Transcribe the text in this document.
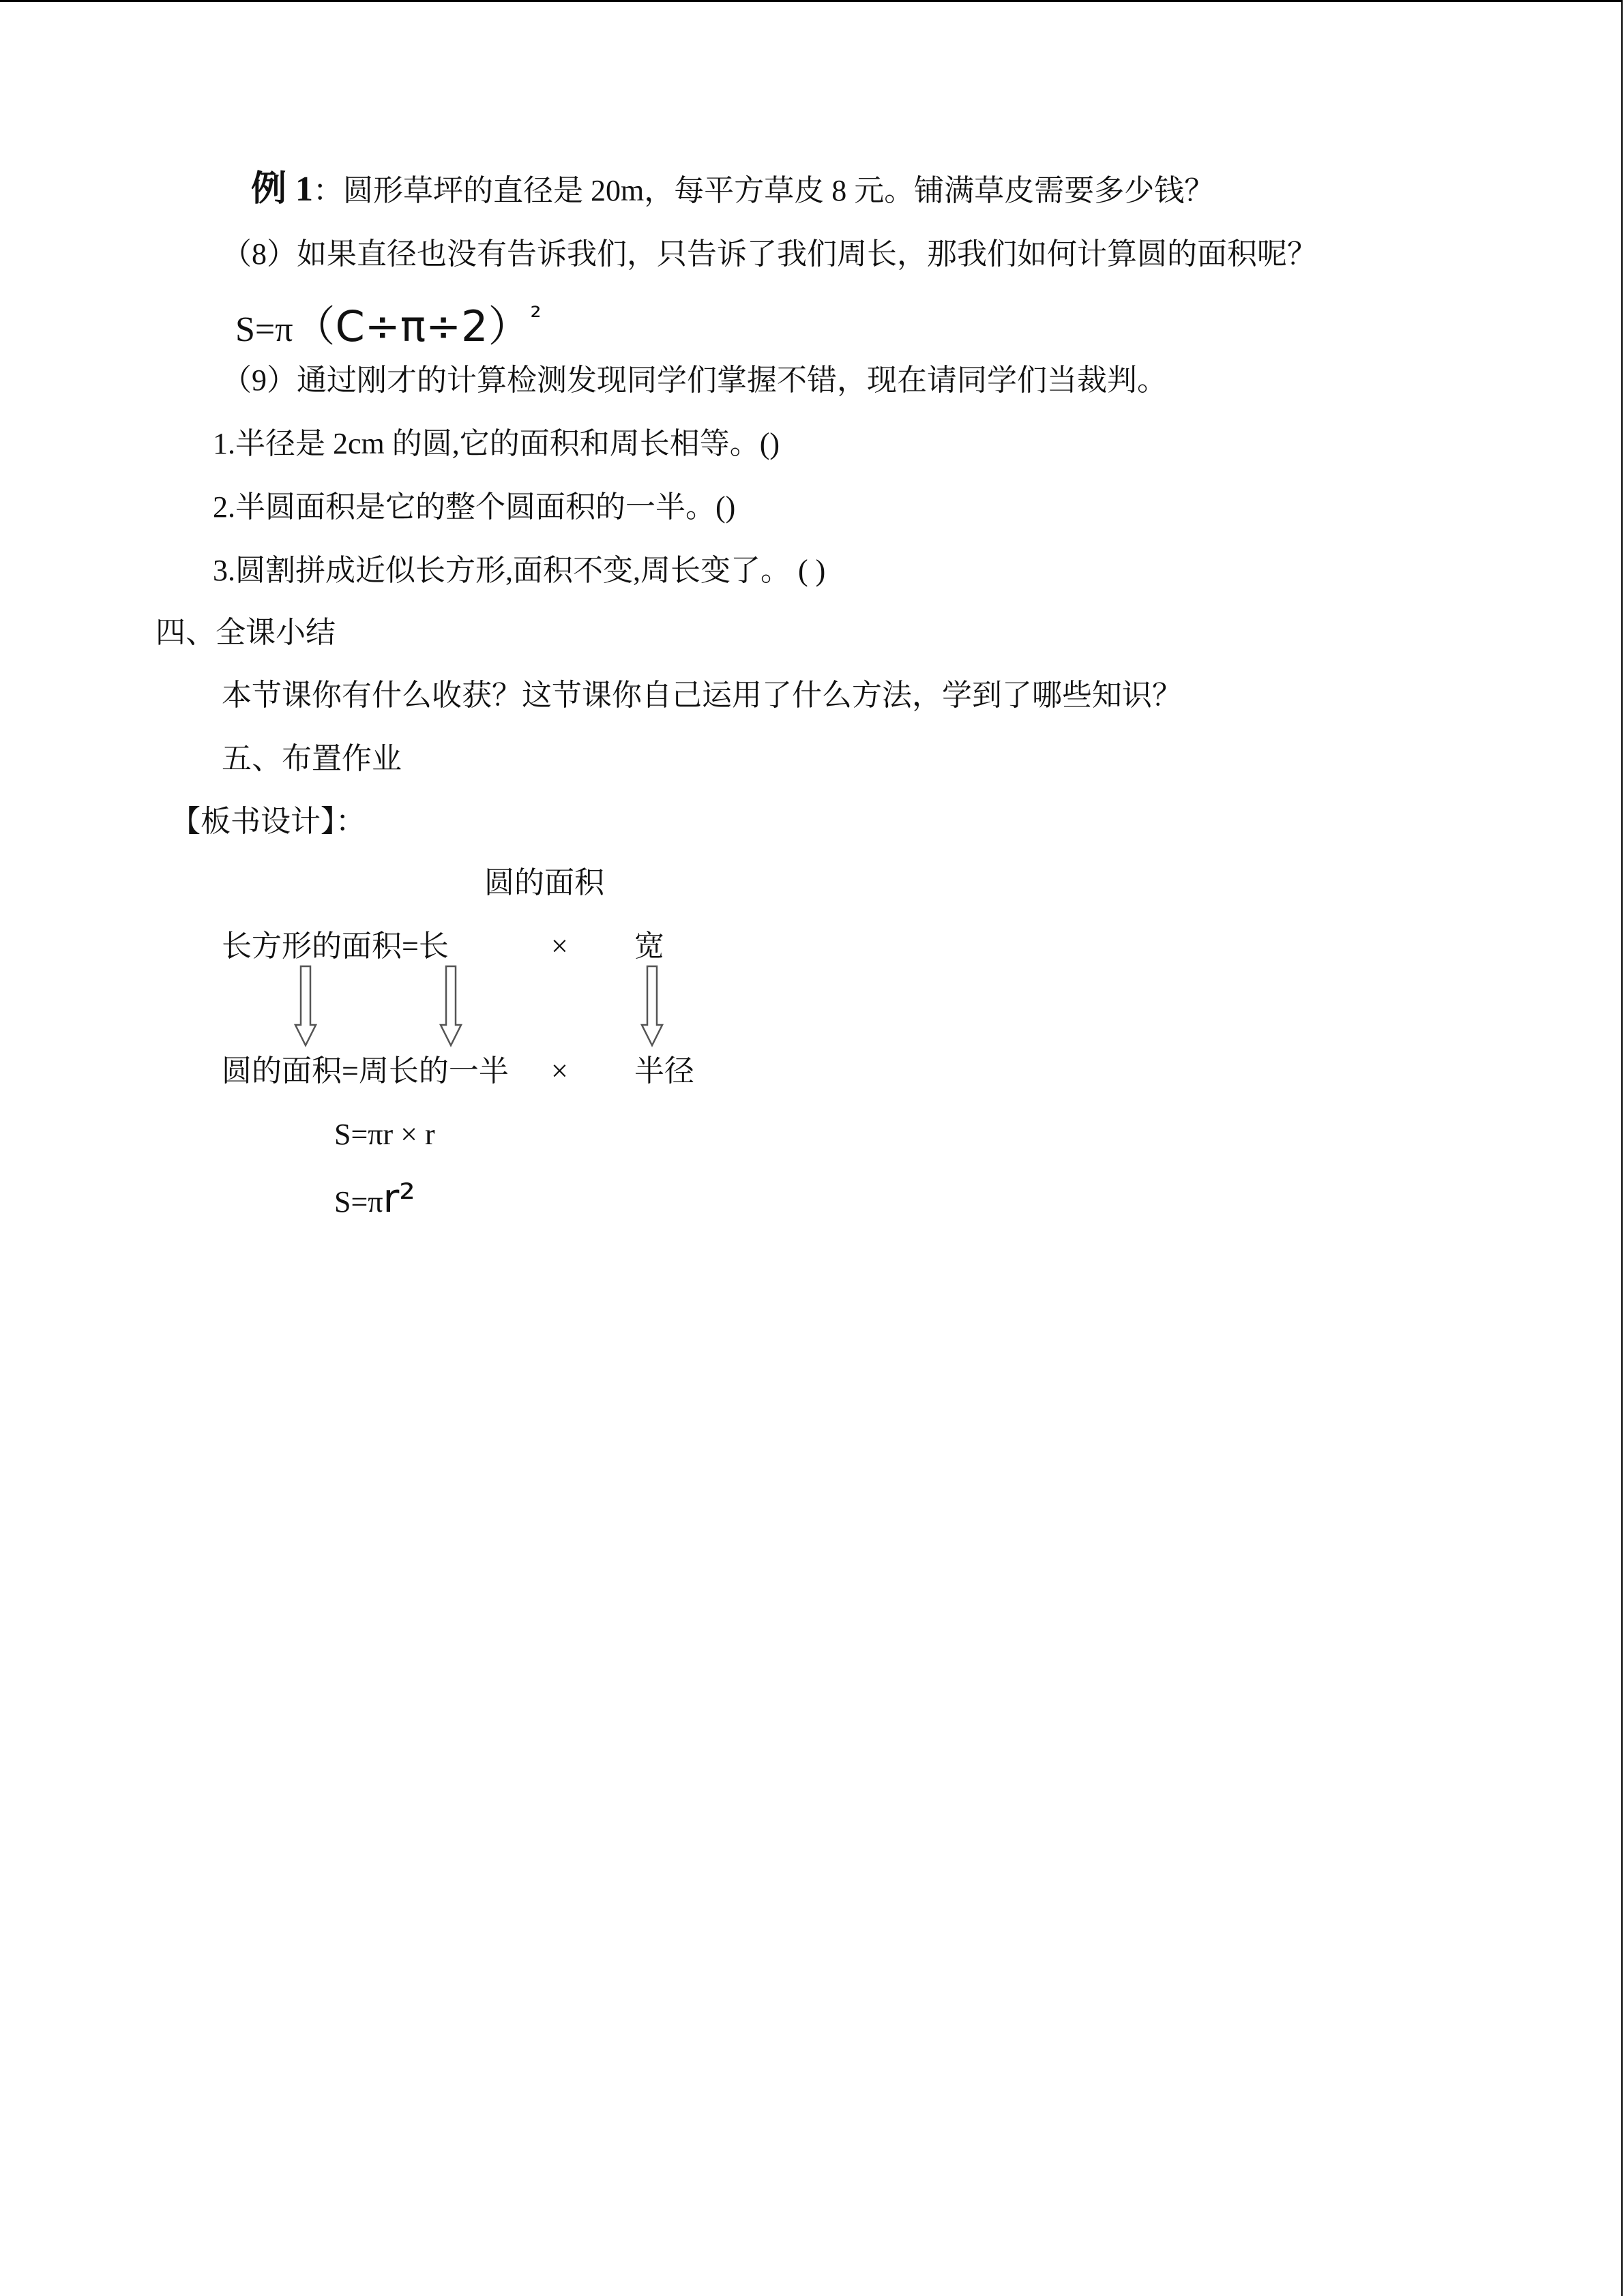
例 1：圆形草坪的直径是 20m，每平方草皮 8 元。铺满草皮需要多少钱？
（8）如果直径也没有告诉我们，只告诉了我们周长，那我们如何计算圆的面积呢？
S=π（C÷π÷2）²
（9）通过刚才的计算检测发现同学们掌握不错，现在请同学们当裁判。
1.半径是 2cm 的圆,它的面积和周长相等。()
2.半圆面积是它的整个圆面积的一半。()
3.圆割拼成近似长方形,面积不变,周长变了。 ( )
四、全课小结
本节课你有什么收获？这节课你自己运用了什么方法，学到了哪些知识？
五、布置作业
【板书设计】：
圆的面积
长方形的面积=长	× 宽
圆的面积=周长的一半 × 半径
S=πr × r
S=πr²
